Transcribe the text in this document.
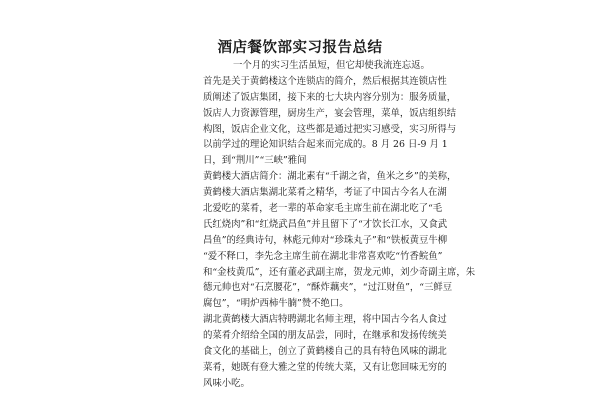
酒店餐饮部实习报告总结
一个月的实习生活虽短，但它却使我流连忘返。
首先是关于黄鹤楼这个连锁店的简介，然后根据其连锁店性
质阐述了饭店集团，接下来的七大块内容分别为：服务质量，
饭店人力资源管理，厨房生产，宴会管理，菜单，饭店组织结
构图，饭店企业文化，这些都是通过把实习感受，实习所得与
以前学过的理论知识结合起来而完成的。8 月 26 日-9 月 1
日，到“荆川”“三峡”雅间
黄鹤楼大酒店简介：湖北素有“千湖之省，鱼米之乡”的美称，
黄鹤楼大酒店集湖北菜肴之精华，考证了中国古今名人在湖
北爱吃的菜肴，老一辈的革命家毛主席生前在湖北吃了“毛
氏红烧肉”和“红烧武昌鱼”并且留下了“才饮长江水，又食武
昌鱼”的经典诗句，林彪元帅对“珍珠丸子”和“铁板黄豆牛柳
“爱不释口，李先念主席生前在湖北非常喜欢吃“竹香鲩鱼”
和“金枝黄瓜”，还有董必武副主席，贺龙元帅，刘少奇副主席，朱
德元帅也对“石烹腰花”，“酥炸藕夹”，“过江财鱼”，“三鲜豆
腐包”，“明炉西柿牛腩”赞不绝口。
湖北黄鹤楼大酒店特聘湖北名师主理，将中国古今名人食过
的菜肴介绍给全国的朋友品尝，同时，在继承和发扬传统美
食文化的基础上，创立了黄鹤楼自己的具有特色风味的湖北
菜肴，她既有登大雅之堂的传统大菜，又有让您回味无穷的
风味小吃。
